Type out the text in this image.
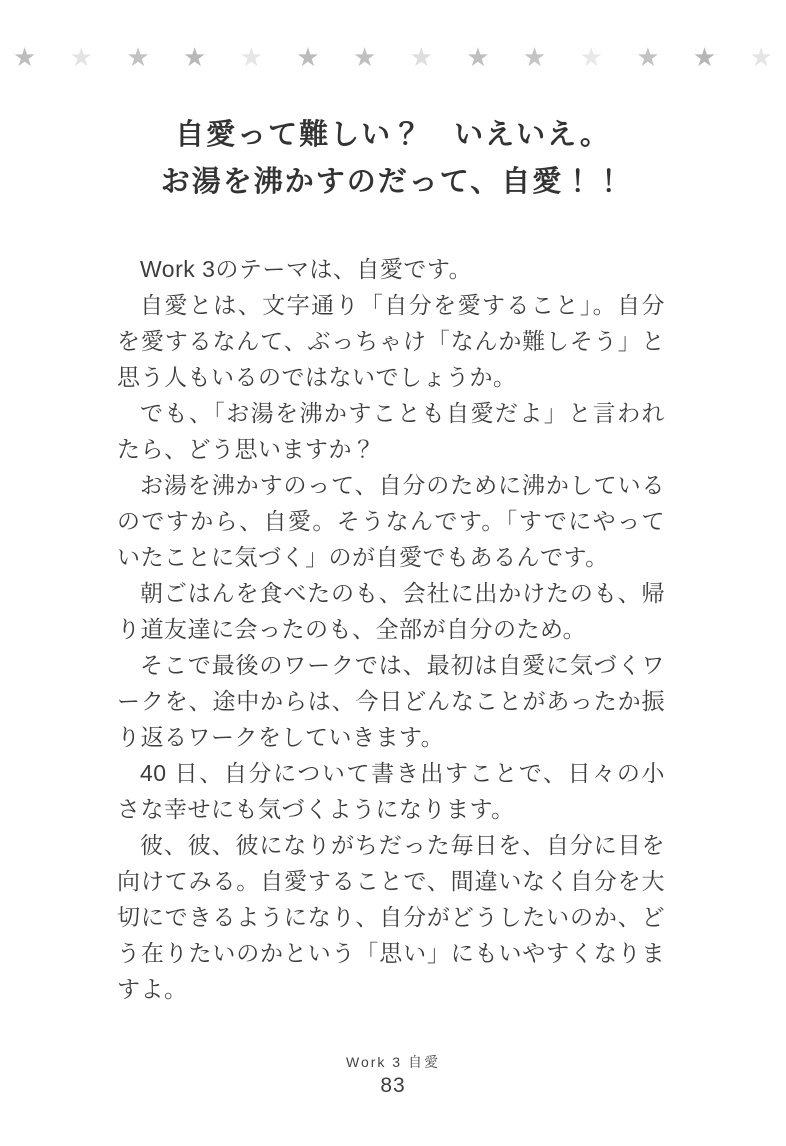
★ ★ ★ ★ ★ ★ ★ ★ ★ ★ ★ ★ ★ ★
自愛って難しい？　いえいえ。
お湯を沸かすのだって、自愛！！

Work 3のテーマは、自愛です。

自愛とは、文字通り「自分を愛すること」。自分を愛するなんて、ぶっちゃけ「なんか難しそう」と思う人もいるのではないでしょうか。

でも、「お湯を沸かすことも自愛だよ」と言われたら、どう思いますか？

お湯を沸かすのって、自分のために沸かしているのですから、自愛。そうなんです。「すでにやっていたことに気づく」のが自愛でもあるんです。

朝ごはんを食べたのも、会社に出かけたのも、帰り道友達に会ったのも、全部が自分のため。

そこで最後のワークでは、最初は自愛に気づくワークを、途中からは、今日どんなことがあったか振り返るワークをしていきます。

40 日、自分について書き出すことで、日々の小さな幸せにも気づくようになります。

彼、彼、彼になりがちだった毎日を、自分に目を向けてみる。自愛することで、間違いなく自分を大切にできるようになり、自分がどうしたいのか、どう在りたいのかという「思い」にもいやすくなりますよ。

Work 3 自愛
83
